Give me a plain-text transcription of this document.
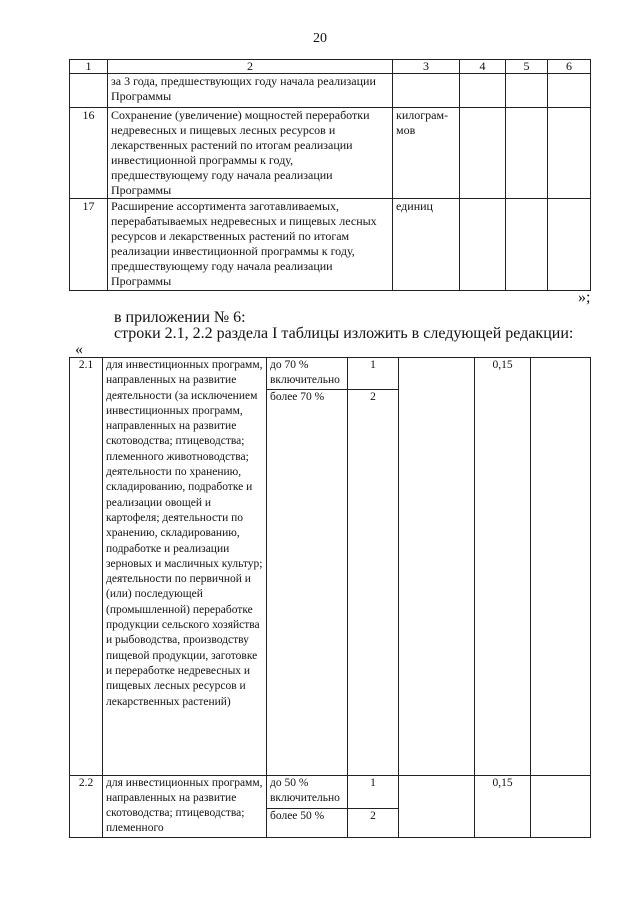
20
1	2	3	4	5	6
	за 3 года, предшествующих году начала реализации Программы				
16	Сохранение (увеличение) мощностей переработки недревесных и пищевых лесных ресурсов и лекарственных растений по итогам реализации инвестиционной программы к году, предшествующему году начала реализации Программы	килограм-мов			
17	Расширение ассортимента заготавливаемых, перерабатываемых недревесных и пищевых лесных ресурсов и лекарственных растений по итогам реализации инвестиционной программы к году, предшествующему году начала реализации Программы	единиц			
»;
в приложении № 6:
строки 2.1, 2.2 раздела I таблицы изложить в следующей редакции:
«
2.1	для инвестиционных программ, направленных на развитие деятельности (за исключением инвестиционных программ, направленных на развитие скотоводства; птицеводства; племенного животноводства; деятельности по хранению, складированию, подработке и реализации овощей и картофеля; деятельности по хранению, складированию, подработке и реализации зерновых и масличных культур; деятельности по первичной и (или) последующей (промышленной) переработке продукции сельского хозяйства и рыбоводства, производству пищевой продукции, заготовке и переработке недревесных и пищевых лесных ресурсов и лекарственных растений)	до 70 % включительно	1		0,15	
		более 70 %	2			
2.2	для инвестиционных программ, направленных на развитие скотоводства; птицеводства; племенного	до 50 % включительно	1		0,15	
		более 50 %	2			
